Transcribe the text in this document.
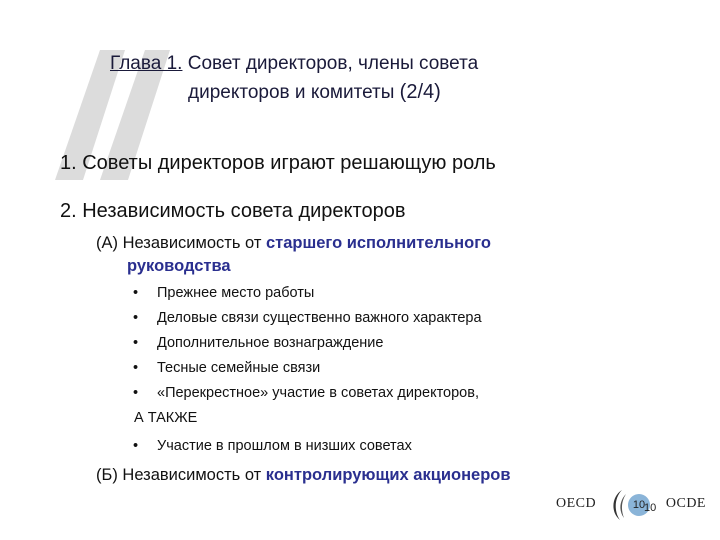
Глава 1. Совет директоров, члены совета
директоров и комитеты (2/4)
1. Советы директоров играют решающую роль
2. Независимость совета директоров
(А) Независимость от старшего исполнительного
руководства
•	Прежнее место работы
•	Деловые связи существенно важного характера
•	Дополнительное вознаграждение
•	Тесные семейные связи
•	«Перекрестное» участие в советах директоров,
А ТАКЖЕ
•	Участие в прошлом в низших советах
(Б) Независимость от контролирующих акционеров
OECD	10
10 OCDE
